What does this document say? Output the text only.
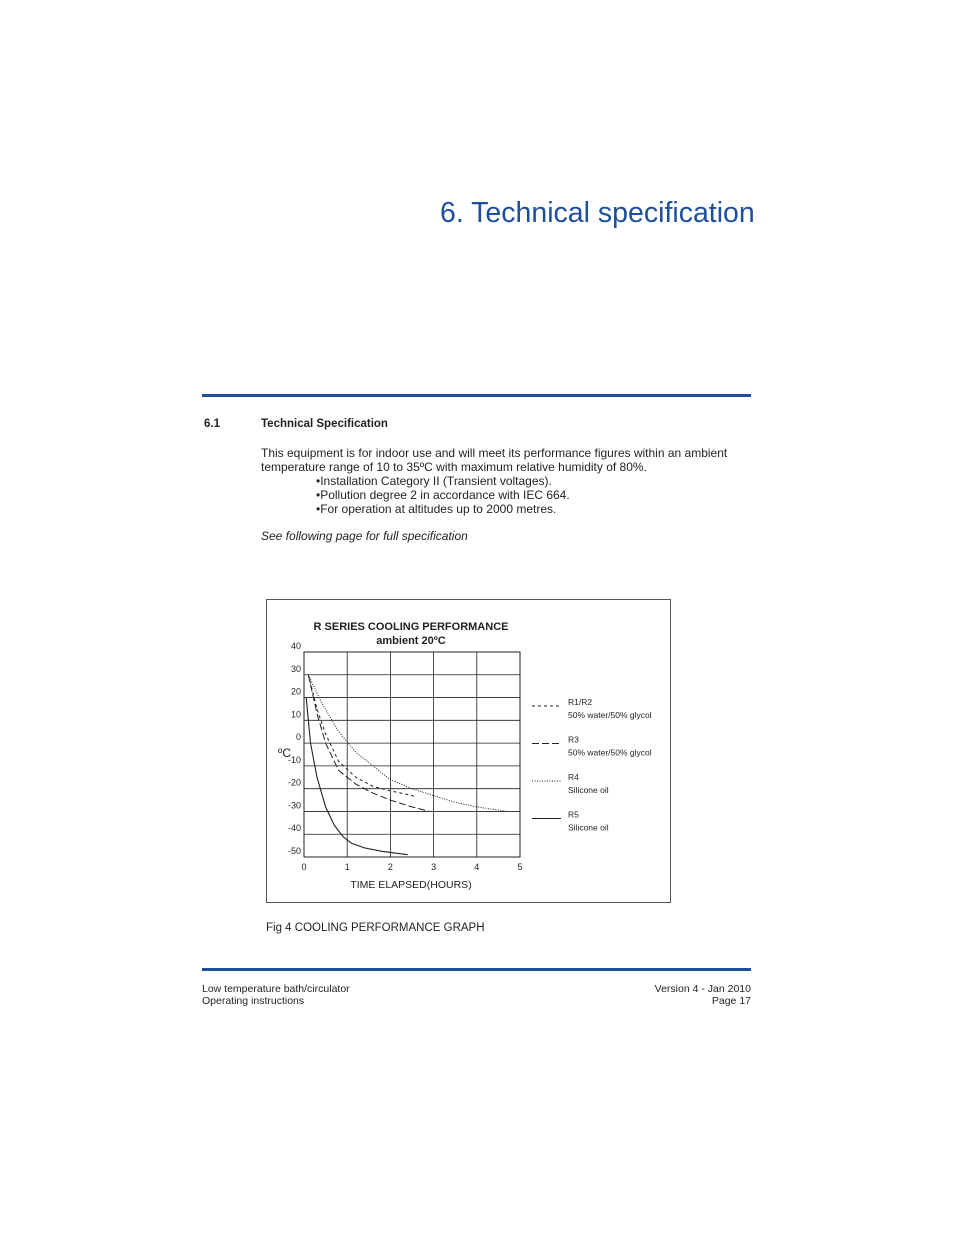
6. Technical specification
6.1	Technical Specification
This equipment is for indoor use and will meet its performance figures within an ambient temperature range of 10 to 35ºC with maximum relative humidity of 80%.
•Installation Category II (Transient voltages).
•Pollution degree 2 in accordance with IEC 664.
•For operation at altitudes up to 2000 metres.
See following page for full specification
R SERIES COOLING PERFORMANCE
ambient 20ºC
ºC
TIME ELAPSED(HOURS)
0	1	2	3	4	5
40
30
20
10
0
-10
-20
-30
-40
-50
R1/R2
50% water/50% glycol
R3
50% water/50% glycol
R4
Silicone oil
R5
Silicone oil
Fig 4 COOLING PERFORMANCE GRAPH
Low temperature bath/circulator
Operating instructions
Version 4 - Jan 2010
Page 17
